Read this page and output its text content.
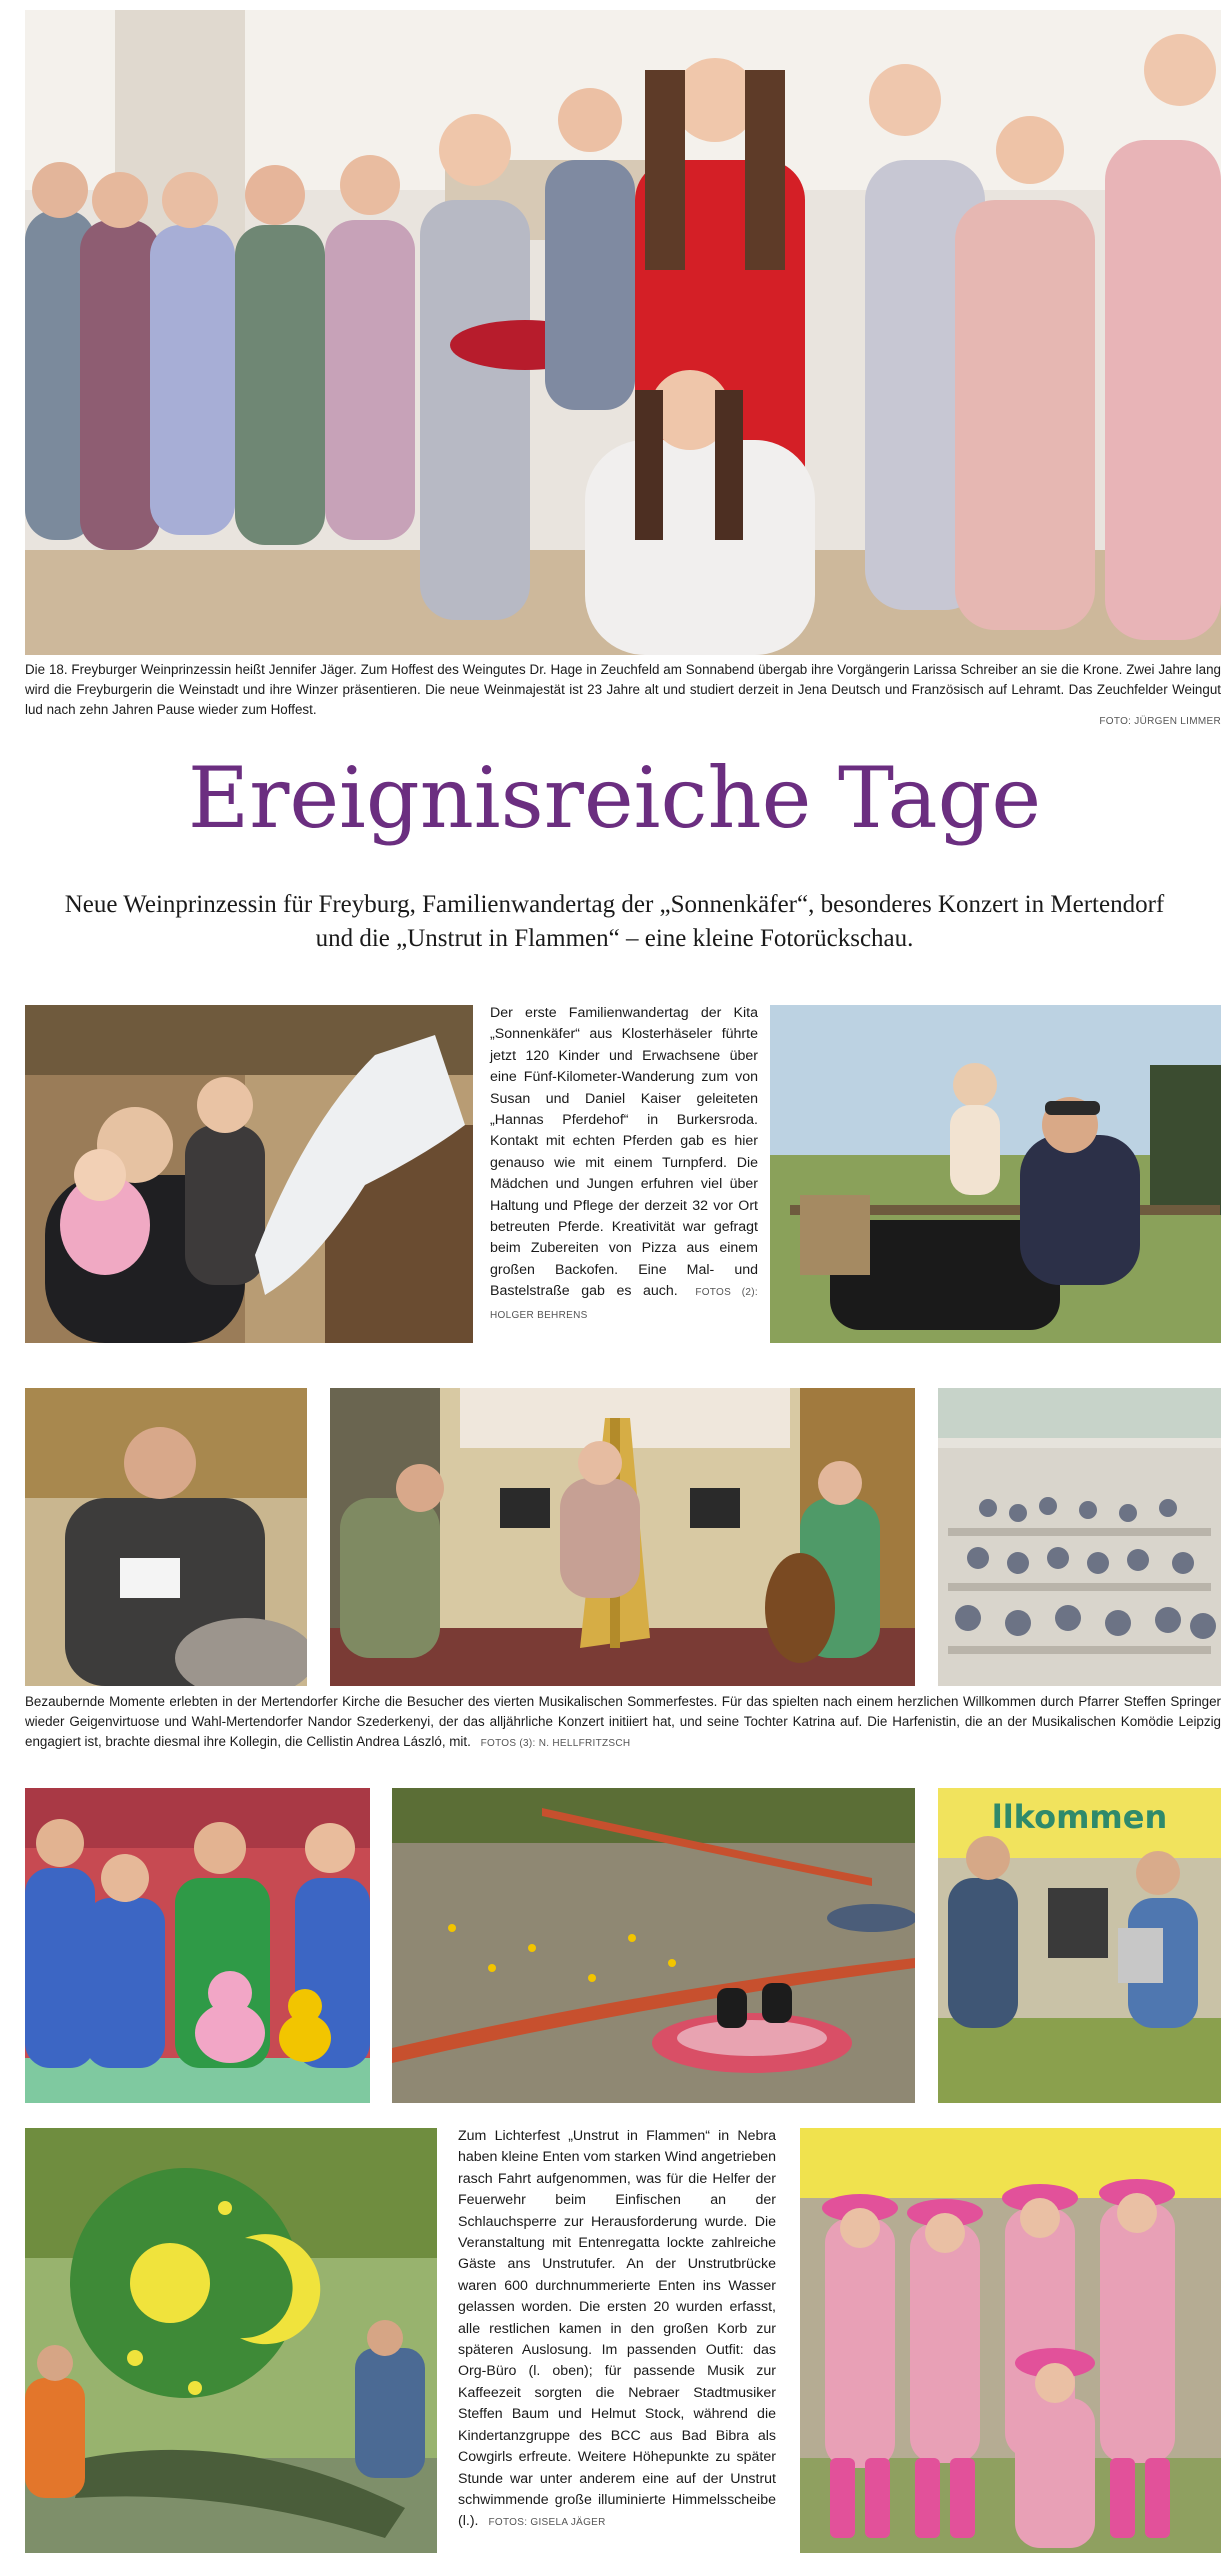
Die 18. Freyburger Weinprinzessin heißt Jennifer Jäger. Zum Hoffest des Weingutes Dr. Hage in Zeuchfeld am Sonnabend übergab ihre Vorgängerin Larissa Schreiber an sie die Krone. Zwei Jahre lang wird die Freyburgerin die Weinstadt und ihre Winzer präsentieren. Die neue Weinmajestät ist 23 Jahre alt und studiert derzeit in Jena Deutsch und Französisch auf Lehramt. Das Zeuchfelder Weingut lud nach zehn Jahren Pause wieder zum Hoffest.
FOTO: JÜRGEN LIMMER
Ereignisreiche Tage
Neue Weinprinzessin für Freyburg, Familienwandertag der „Sonnenkäfer“, besonderes Konzert in Mertendorf und die „Unstrut in Flammen“ – eine kleine Fotorückschau.
Der erste Familienwandertag der Kita „Sonnenkäfer“ aus Klosterhäseler führte jetzt 120 Kinder und Erwachsene über eine Fünf-Kilometer-Wanderung zum von Susan und Daniel Kaiser geleiteten „Hannas Pferdehof“ in Burkersroda. Kontakt mit echten Pferden gab es hier genauso wie mit einem Turnpferd. Die Mädchen und Jungen erfuhren viel über Haltung und Pflege der derzeit 32 vor Ort betreuten Pferde. Kreativität war gefragt beim Zubereiten von Pizza aus einem großen Backofen. Eine Mal- und Bastelstraße gab es auch. FOTOS (2): HOLGER BEHRENS
Bezaubernde Momente erlebten in der Mertendorfer Kirche die Besucher des vierten Musikalischen Sommerfestes. Für das spielten nach einem herzlichen Willkommen durch Pfarrer Steffen Springer wieder Geigenvirtuose und Wahl-Mertendorfer Nandor Szederkenyi, der das alljährliche Konzert initiiert hat, und seine Tochter Katrina auf. Die Harfenistin, die an der Musikalischen Komödie Leipzig engagiert ist, brachte diesmal ihre Kollegin, die Cellistin Andrea László, mit. FOTOS (3): N. HELLFRITZSCH
llkommen
Zum Lichterfest „Unstrut in Flammen“ in Nebra haben kleine Enten vom starken Wind angetrieben rasch Fahrt aufgenommen, was für die Helfer der Feuerwehr beim Einfischen an der Schlauchsperre zur Herausforderung wurde. Die Veranstaltung mit Entenregatta lockte zahlreiche Gäste ans Unstrutufer. An der Unstrutbrücke waren 600 durchnummerierte Enten ins Wasser gelassen worden. Die ersten 20 wurden erfasst, alle restlichen kamen in den großen Korb zur späteren Auslosung. Im passenden Outfit: das Org-Büro (l. oben); für passende Musik zur Kaffeezeit sorgten die Nebraer Stadtmusiker Steffen Baum und Helmut Stock, während die Kindertanzgruppe des BCC aus Bad Bibra als Cowgirls erfreute. Weitere Höhepunkte zu später Stunde war unter anderem eine auf der Unstrut schwimmende große illuminierte Himmelsscheibe (l.). FOTOS: GISELA JÄGER
